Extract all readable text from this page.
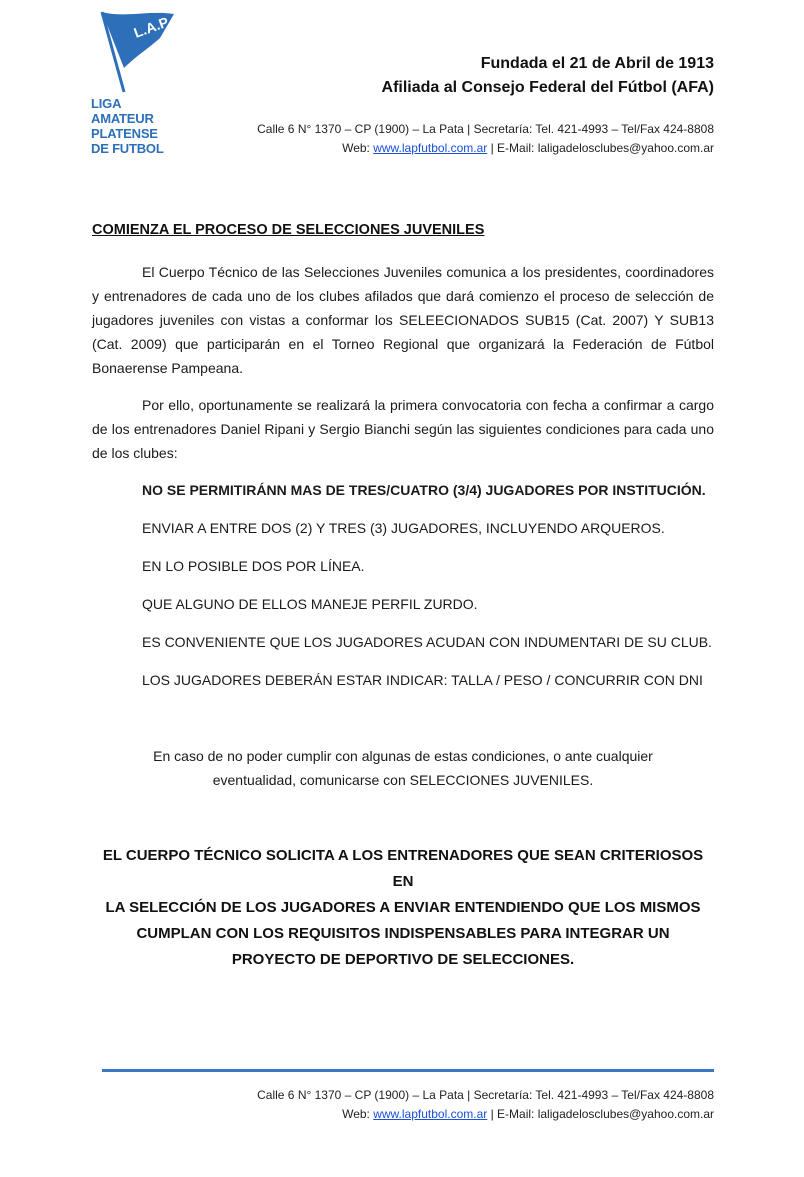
L.A.P.
LIGA
AMATEUR
PLATENSE
DE FUTBOL
Fundada el 21 de Abril de 1913
Afiliada al Consejo Federal del Fútbol (AFA)
Calle 6 N° 1370 – CP (1900) – La Pata | Secretaría: Tel. 421-4993 – Tel/Fax 424-8808
Web: www.lapfutbol.com.ar | E-Mail: laligadelosclubes@yahoo.com.ar
COMIENZA EL PROCESO DE SELECCIONES JUVENILES
El Cuerpo Técnico de las Selecciones Juveniles comunica a los presidentes, coordinadores y entrenadores de cada uno de los clubes afilados que dará comienzo el proceso de selección de jugadores juveniles con vistas a conformar los SELEECIONADOS SUB15 (Cat. 2007) Y SUB13 (Cat. 2009) que participarán en el Torneo Regional que organizará la Federación de Fútbol Bonaerense Pampeana.
Por ello, oportunamente se realizará la primera convocatoria con fecha a confirmar a cargo de los entrenadores Daniel Ripani y Sergio Bianchi según las siguientes condiciones para cada uno de los clubes:
NO SE PERMITIRÁNN MAS DE TRES/CUATRO (3/4) JUGADORES POR INSTITUCIÓN.
ENVIAR A ENTRE DOS (2) Y TRES (3) JUGADORES, INCLUYENDO ARQUEROS.
EN LO POSIBLE DOS POR LÍNEA.
QUE ALGUNO DE ELLOS MANEJE PERFIL ZURDO.
ES CONVENIENTE QUE LOS JUGADORES ACUDAN CON INDUMENTARI DE SU CLUB.
LOS JUGADORES DEBERÁN ESTAR INDICAR: TALLA / PESO / CONCURRIR CON DNI
En caso de no poder cumplir con algunas de estas condiciones, o ante cualquier
eventualidad, comunicarse con SELECCIONES JUVENILES.
EL CUERPO TÉCNICO SOLICITA A LOS ENTRENADORES QUE SEAN CRITERIOSOS EN
LA SELECCIÓN DE LOS JUGADORES A ENVIAR ENTENDIENDO QUE LOS MISMOS
CUMPLAN CON LOS REQUISITOS INDISPENSABLES PARA INTEGRAR UN
PROYECTO DE DEPORTIVO DE SELECCIONES.
Calle 6 N° 1370 – CP (1900) – La Pata | Secretaría: Tel. 421-4993 – Tel/Fax 424-8808
Web: www.lapfutbol.com.ar | E-Mail: laligadelosclubes@yahoo.com.ar
